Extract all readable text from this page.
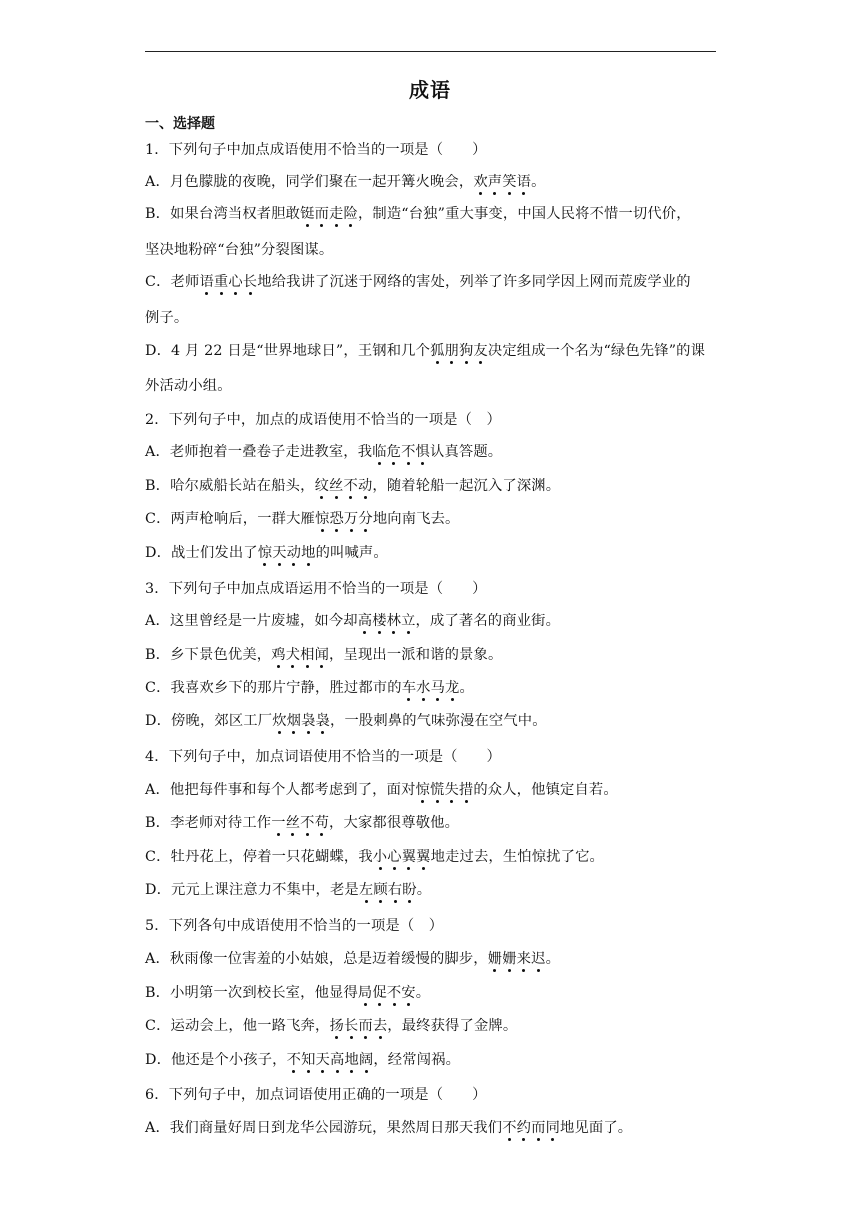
成语
一、选择题
1．下列句子中加点成语使用不恰当的一项是（　　）
A．月色朦胧的夜晚，同学们聚在一起开篝火晚会，欢声笑语。
B．如果台湾当权者胆敢铤而走险，制造“台独”重大事变，中国人民将不惜一切代价，
坚决地粉碎“台独”分裂图谋。
C．老师语重心长地给我讲了沉迷于网络的害处，列举了许多同学因上网而荒废学业的
例子。
D．4 月 22 日是“世界地球日”，王钢和几个狐朋狗友决定组成一个名为“绿色先锋”的课
外活动小组。
2．下列句子中，加点的成语使用不恰当的一项是（　）
A．老师抱着一叠卷子走进教室，我临危不惧认真答题。
B．哈尔威船长站在船头，纹丝不动，随着轮船一起沉入了深渊。
C．两声枪响后，一群大雁惊恐万分地向南飞去。
D．战士们发出了惊天动地的叫喊声。
3．下列句子中加点成语运用不恰当的一项是（　　）
A．这里曾经是一片废墟，如今却高楼林立，成了著名的商业街。
B．乡下景色优美，鸡犬相闻，呈现出一派和谐的景象。
C．我喜欢乡下的那片宁静，胜过都市的车水马龙。
D．傍晚，郊区工厂炊烟袅袅，一股刺鼻的气味弥漫在空气中。
4．下列句子中，加点词语使用不恰当的一项是（　　）
A．他把每件事和每个人都考虑到了，面对惊慌失措的众人，他镇定自若。
B．李老师对待工作一丝不苟，大家都很尊敬他。
C．牡丹花上，停着一只花蝴蝶，我小心翼翼地走过去，生怕惊扰了它。
D．元元上课注意力不集中，老是左顾右盼。
5．下列各句中成语使用不恰当的一项是（　）
A．秋雨像一位害羞的小姑娘，总是迈着缓慢的脚步，姗姗来迟。
B．小明第一次到校长室，他显得局促不安。
C．运动会上，他一路飞奔，扬长而去，最终获得了金牌。
D．他还是个小孩子，不知天高地阔，经常闯祸。
6．下列句子中，加点词语使用正确的一项是（　　）
A．我们商量好周日到龙华公园游玩，果然周日那天我们不约而同地见面了。
